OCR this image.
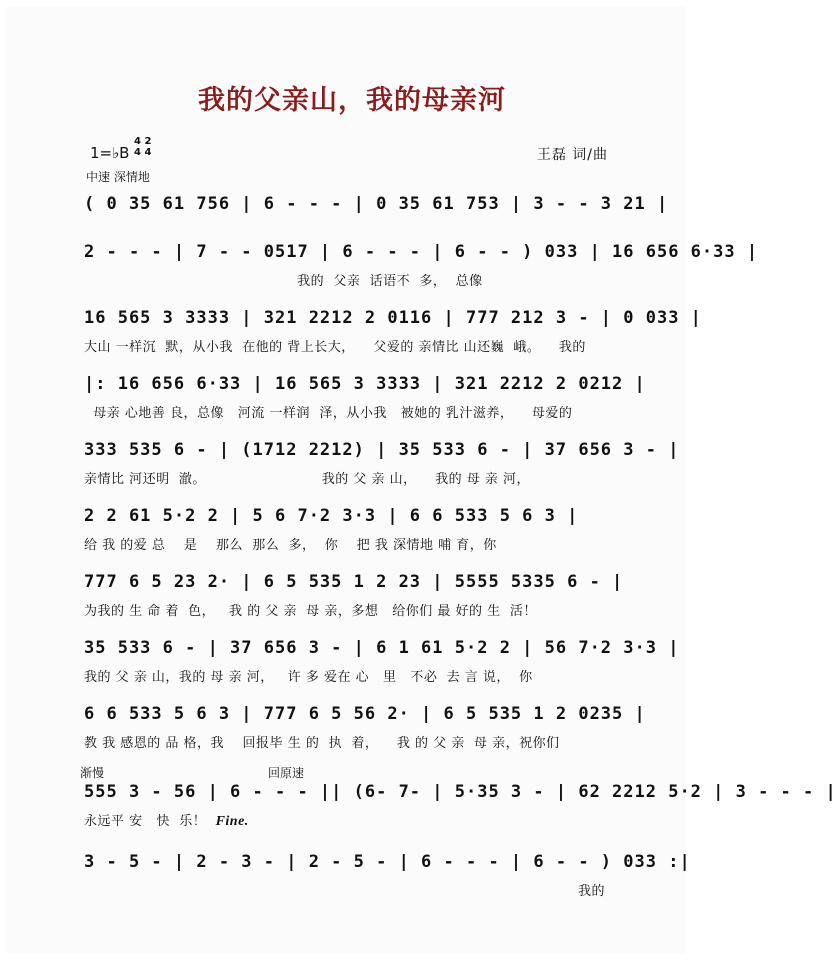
我的父亲山，我的母亲河
1=♭B
4 2
4 4
中速 深情地
王磊 词/曲
( 0 35 61 756 | 6 - - - | 0 35 61 753 | 3 - - 3 21 |
2 - - - | 7 - - 0517 | 6 - - - | 6 - - ) 033 | 16 656 6·33 |
我的  父亲  话语不  多，  总像
16 565 3 3333 | 321 2212 2 0116 | 777 212 3 - | 0 033 |
大山 一样沉  默，从小我  在他的 背上长大，    父爱的 亲情比 山还巍  峨。    我的
|: 16 656 6·33 | 16 565 3 3333 | 321 2212 2 0212 |
母亲 心地善 良，总像   河流 一样润  泽，从小我   被她的 乳汁滋养，    母爱的
333 535 6 - | (1712 2212) | 35 533 6 - | 37 656 3 - |
亲情比 河还明  澈。                         我的 父 亲 山，    我的 母 亲 河，
2 2 61 5·2 2 | 5 6 7·2 3·3 | 6 6 533 5 6 3 |
给 我 的爱 总    是    那么  那么  多，  你    把 我 深情地 哺 育，你
777 6 5 23 2· | 6 5 535 1 2 23 | 5555 5335 6 - |
为我的 生 命 着  色，   我 的 父 亲  母 亲，多想   给你们 最 好的 生  活！
35 533 6 - | 37 656 3 - | 6 1 61 5·2 2 | 56 7·2 3·3 |
我的 父 亲 山，我的 母 亲 河，   许 多 爱在 心   里   不必  去 言 说，  你
6 6 533 5 6 3 | 777 6 5 56 2· | 6 5 535 1 2 0235 |
教 我 感恩的 品 格，我    回报毕 生 的  执  着，    我 的 父 亲  母 亲，祝你们
渐慢	回原速
555 3 - 56 | 6 - - - || (6- 7- | 5·35 3 - | 62 2212 5·2 | 3 - - - |
永远平 安   快  乐！  Fine.
3 - 5 - | 2 - 3 - | 2 - 5 - | 6 - - - | 6 - - ) 033 :|
我的
